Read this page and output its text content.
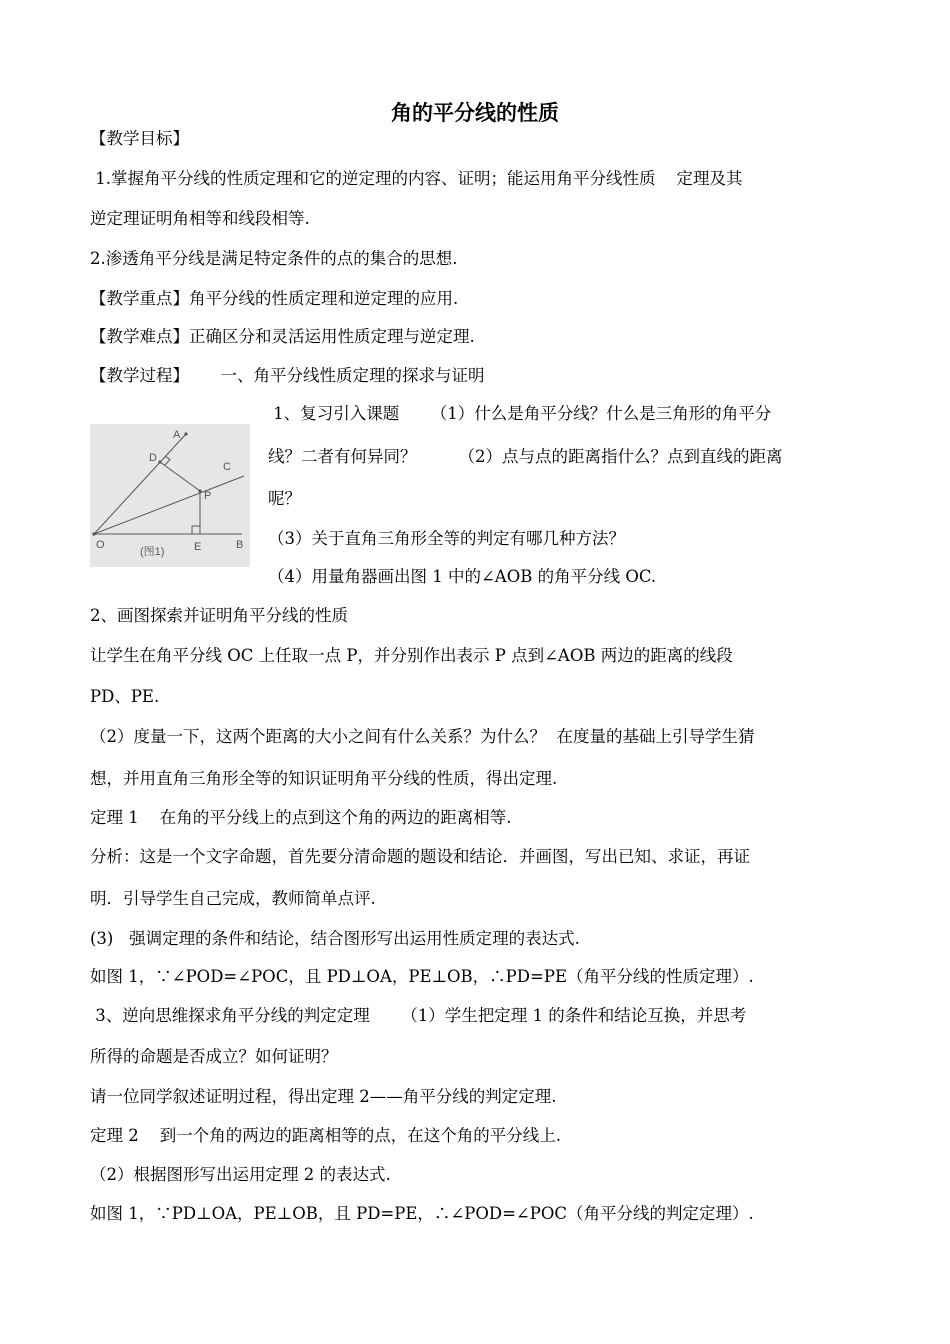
角的平分线的性质
【教学目标】
1.掌握角平分线的性质定理和它的逆定理的内容、证明；能运用角平分线性质    定理及其
逆定理证明角相等和线段相等.
2.渗透角平分线是满足特定条件的点的集合的思想.
【教学重点】角平分线的性质定理和逆定理的应用.
【教学难点】正确区分和灵活运用性质定理与逆定理.
【教学过程】      一、角平分线性质定理的探求与证明
1、复习引入课题      （1）什么是角平分线？什么是三角形的角平分
线？二者有何异同？        （2）点与点的距离指什么？点到直线的距离
呢？
（3）关于直角三角形全等的判定有哪几种方法？
（4）用量角器画出图 1 中的∠AOB 的角平分线 OC.
A
D
C
P
O	E	B
(图1)
2、画图探索并证明角平分线的性质
让学生在角平分线 OC 上任取一点 P，并分别作出表示 P 点到∠AOB 两边的距离的线段
PD、PE.
（2）度量一下，这两个距离的大小之间有什么关系？为什么？  在度量的基础上引导学生猜
想，并用直角三角形全等的知识证明角平分线的性质，得出定理.
定理 1    在角的平分线上的点到这个角的两边的距离相等.
分析：这是一个文字命题，首先要分清命题的题设和结论．并画图，写出已知、求证，再证
明．引导学生自己完成，教师简单点评.
(3)   强调定理的条件和结论，结合图形写出运用性质定理的表达式.
如图 1，∵∠POD=∠POC，且 PD⊥OA，PE⊥OB，∴PD=PE（角平分线的性质定理）.
3、逆向思维探求角平分线的判定定理      （1）学生把定理 1 的条件和结论互换，并思考
所得的命题是否成立？如何证明？
请一位同学叙述证明过程，得出定理 2——角平分线的判定定理.
定理 2    到一个角的两边的距离相等的点，在这个角的平分线上.
（2）根据图形写出运用定理 2 的表达式.
如图 1，∵PD⊥OA，PE⊥OB，且 PD=PE，∴∠POD=∠POC（角平分线的判定定理）.
